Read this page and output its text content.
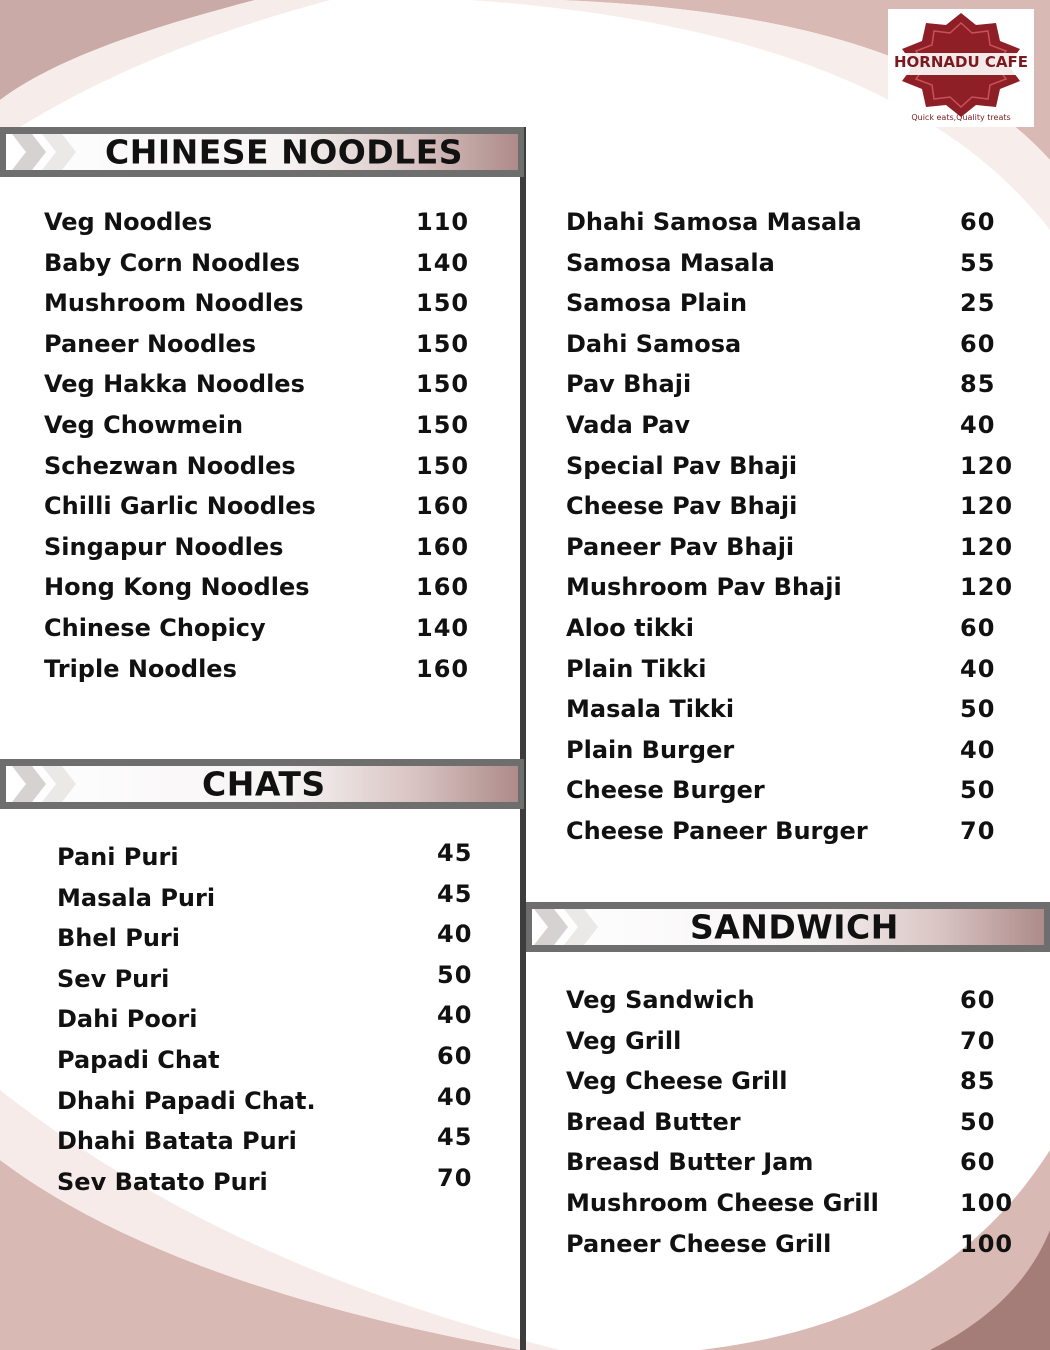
HORNADU CAFE
Quick eats,Quality treats
CHINESE NOODLES
Veg Noodles	110
Baby Corn Noodles	140
Mushroom Noodles	150
Paneer Noodles	150
Veg Hakka Noodles	150
Veg Chowmein	150
Schezwan Noodles	150
Chilli Garlic Noodles	160
Singapur Noodles	160
Hong Kong Noodles	160
Chinese Chopicy	140
Triple Noodles	160
CHATS
Pani Puri	45
Masala Puri	45
Bhel Puri	40
Sev Puri	50
Dahi Poori	40
Papadi Chat	60
Dhahi Papadi Chat.	40
Dhahi Batata Puri	45
Sev Batato Puri	70
Dhahi Samosa Masala	60
Samosa Masala	55
Samosa Plain	25
Dahi Samosa	60
Pav Bhaji	85
Vada Pav	40
Special Pav Bhaji	120
Cheese Pav Bhaji	120
Paneer Pav Bhaji	120
Mushroom Pav Bhaji	120
Aloo tikki	60
Plain Tikki	40
Masala Tikki	50
Plain Burger	40
Cheese Burger	50
Cheese Paneer Burger	70
SANDWICH
Veg Sandwich	60
Veg Grill	70
Veg Cheese Grill	85
Bread Butter	50
Breasd Butter Jam	60
Mushroom Cheese Grill	100
Paneer Cheese Grill	100
